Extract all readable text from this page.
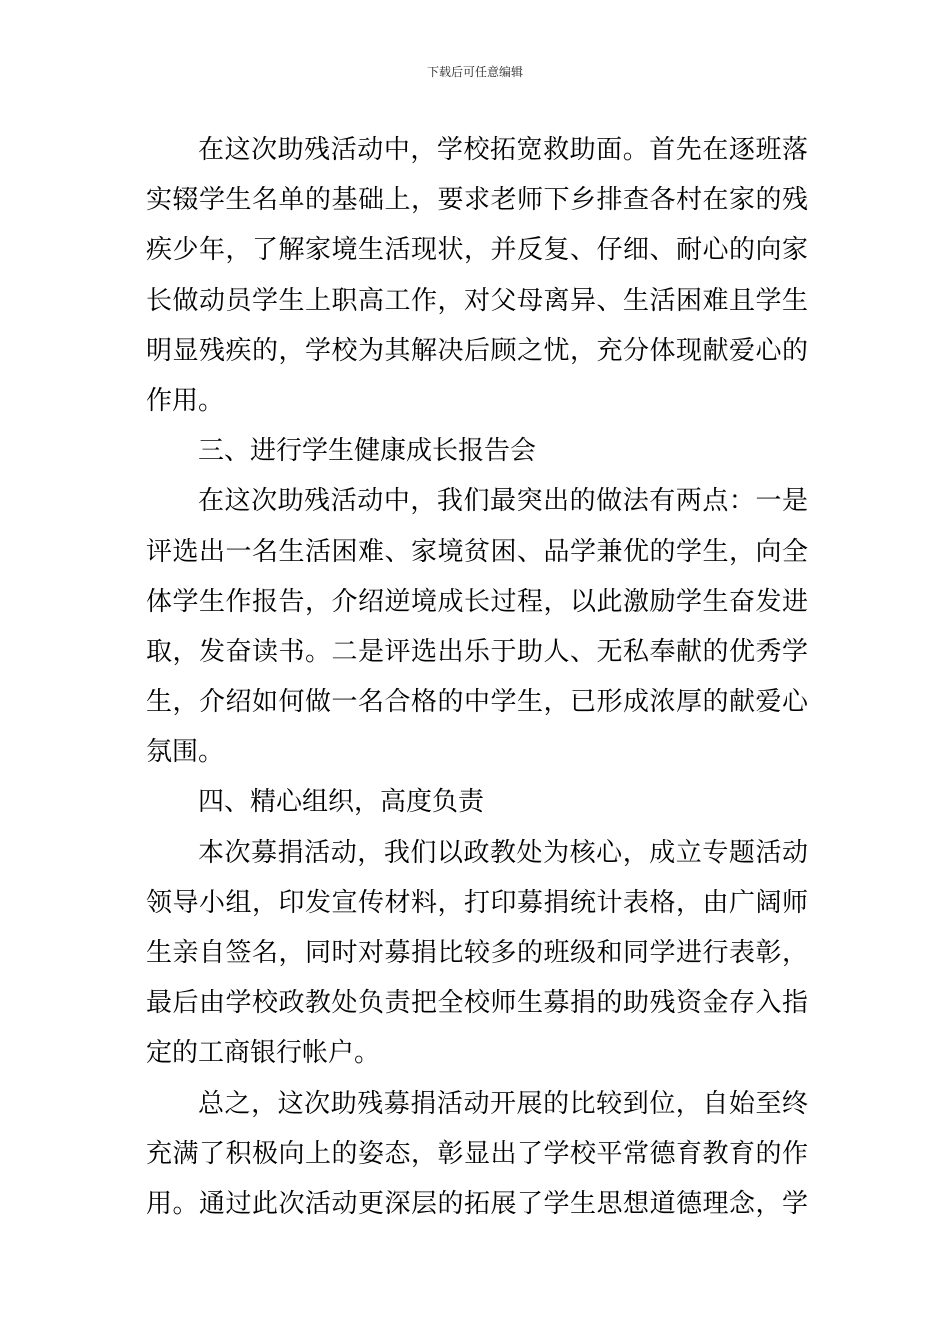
下载后可任意编辑
在这次助残活动中，学校拓宽救助面。首先在逐班落
实辍学生名单的基础上，要求老师下乡排查各村在家的残
疾少年，了解家境生活现状，并反复、仔细、耐心的向家
长做动员学生上职高工作，对父母离异、生活困难且学生
明显残疾的，学校为其解决后顾之忧，充分体现献爱心的
作用。
三、进行学生健康成长报告会
在这次助残活动中，我们最突出的做法有两点：一是
评选出一名生活困难、家境贫困、品学兼优的学生，向全
体学生作报告，介绍逆境成长过程，以此激励学生奋发进
取，发奋读书。二是评选出乐于助人、无私奉献的优秀学
生，介绍如何做一名合格的中学生，已形成浓厚的献爱心
氛围。
四、精心组织，高度负责
本次募捐活动，我们以政教处为核心，成立专题活动
领导小组，印发宣传材料，打印募捐统计表格，由广阔师
生亲自签名，同时对募捐比较多的班级和同学进行表彰，
最后由学校政教处负责把全校师生募捐的助残资金存入指
定的工商银行帐户。
总之，这次助残募捐活动开展的比较到位，自始至终
充满了积极向上的姿态，彰显出了学校平常德育教育的作
用。通过此次活动更深层的拓展了学生思想道德理念，学
